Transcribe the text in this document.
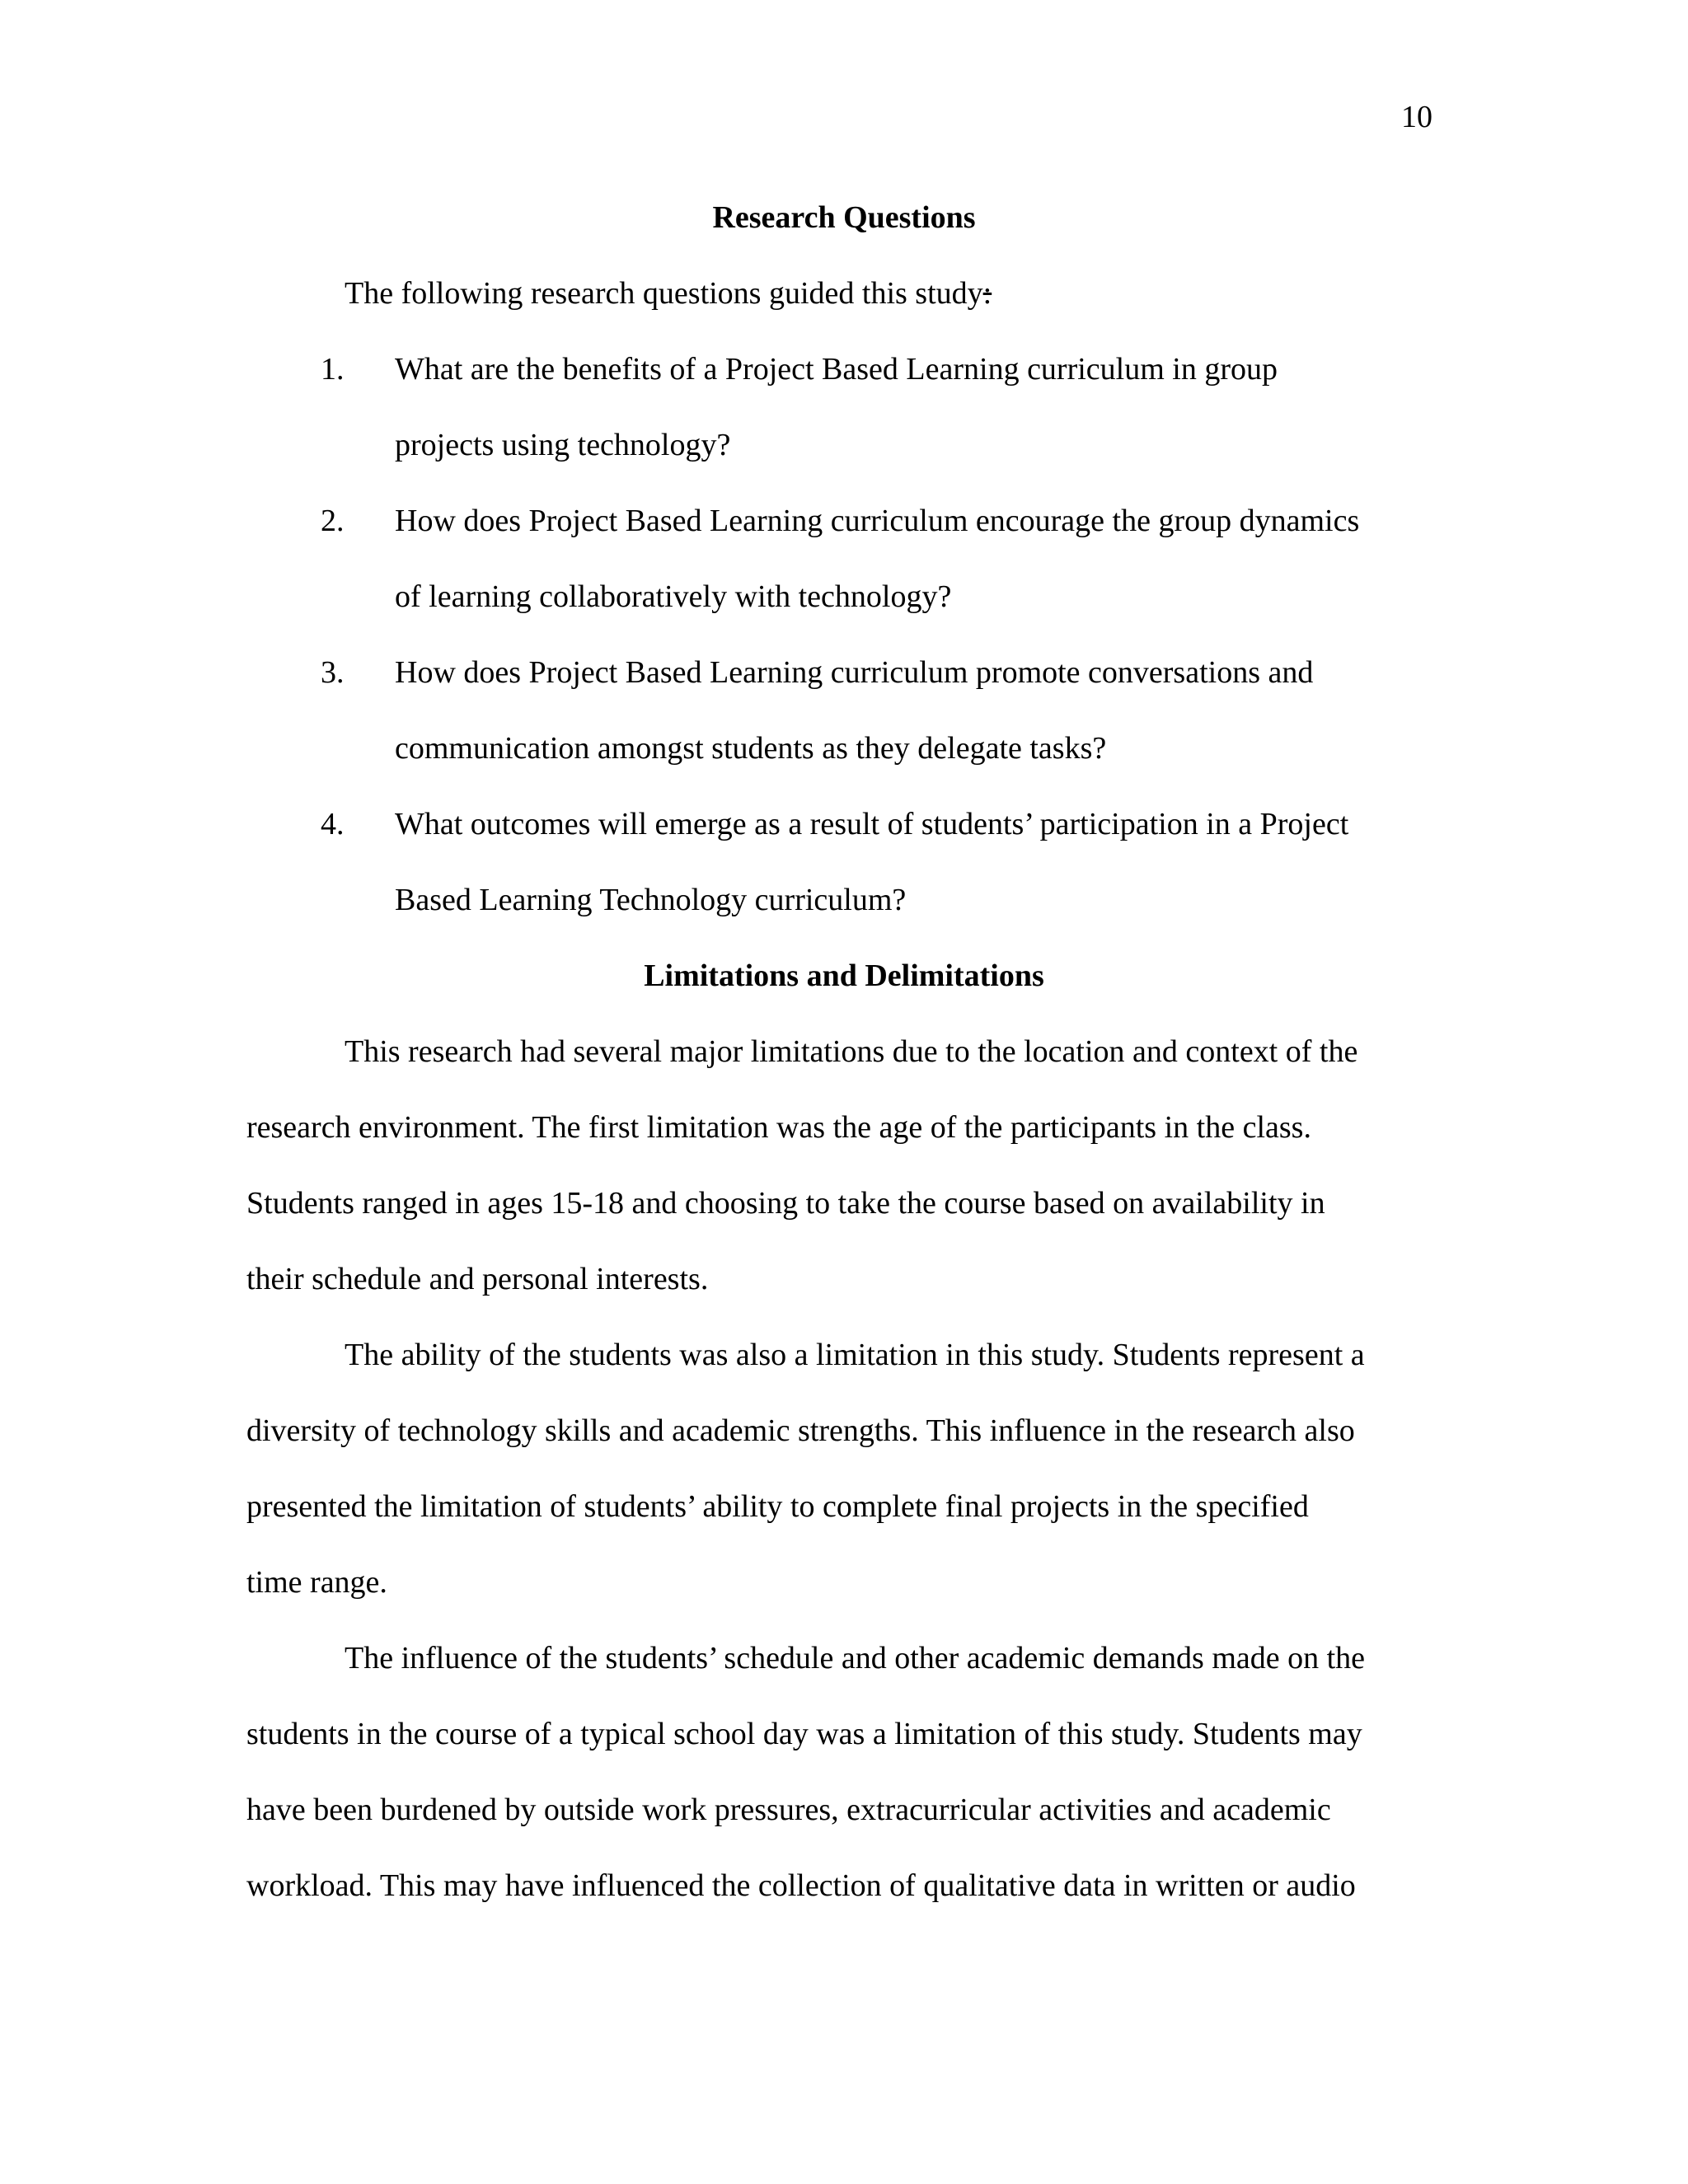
10
Research Questions
The following research questions guided this study:
1. What are the benefits of a Project Based Learning curriculum in group
projects using technology?
2. How does Project Based Learning curriculum encourage the group dynamics
of learning collaboratively with technology?
3. How does Project Based Learning curriculum promote conversations and
communication amongst students as they delegate tasks?
4. What outcomes will emerge as a result of students’ participation in a Project
Based Learning Technology curriculum?
Limitations and Delimitations
This research had several major limitations due to the location and context of the
research environment. The first limitation was the age of the participants in the class.
Students ranged in ages 15-18 and choosing to take the course based on availability in
their schedule and personal interests.
The ability of the students was also a limitation in this study. Students represent a
diversity of technology skills and academic strengths. This influence in the research also
presented the limitation of students’ ability to complete final projects in the specified
time range.
The influence of the students’ schedule and other academic demands made on the
students in the course of a typical school day was a limitation of this study. Students may
have been burdened by outside work pressures, extracurricular activities and academic
workload. This may have influenced the collection of qualitative data in written or audio
